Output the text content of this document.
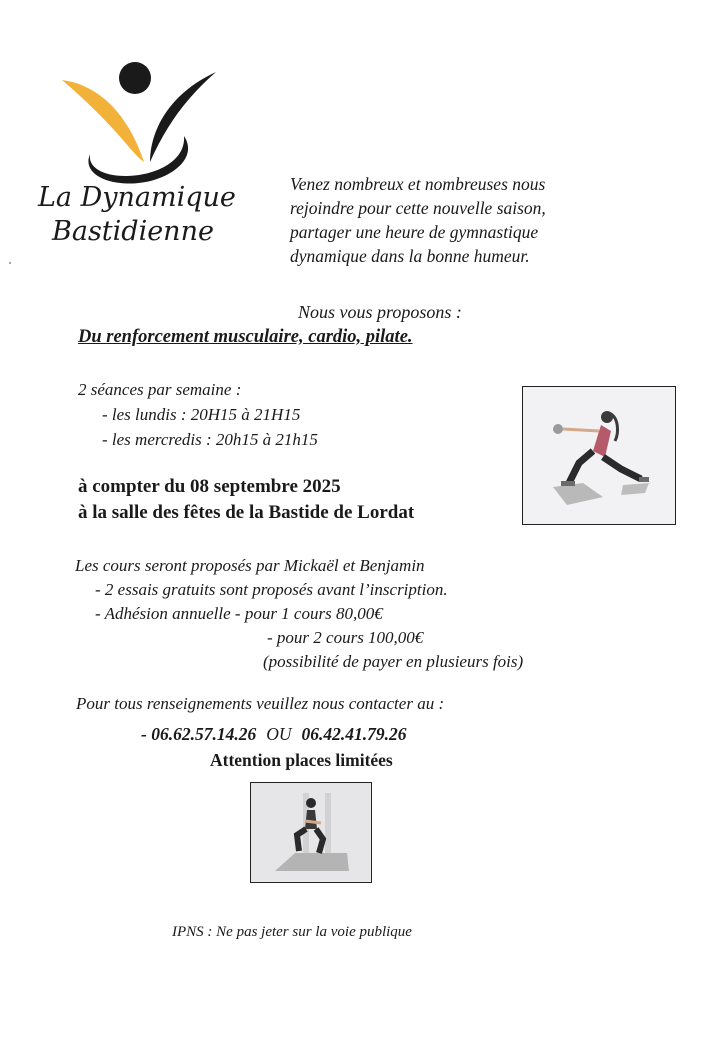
La Dynamique
Bastidienne
Venez nombreux et nombreuses nous
rejoindre pour cette nouvelle saison,
partager une heure de gymnastique
dynamique dans la bonne humeur.
Nous vous proposons :
Du renforcement musculaire, cardio, pilate.
2 séances par semaine :
- les lundis : 20H15 à 21H15
- les mercredis : 20h15 à 21h15
à compter du 08 septembre 2025
à la salle des fêtes de la Bastide de Lordat
Les cours seront proposés par Mickaël et Benjamin
- 2 essais gratuits sont proposés avant l’inscription.
- Adhésion annuelle - pour 1 cours 80,00€
- pour 2 cours 100,00€
(possibilité de payer en plusieurs fois)
Pour tous renseignements veuillez nous contacter au :
- 06.62.57.14.26 OU 06.42.41.79.26
Attention places limitées
IPNS : Ne pas jeter sur la voie publique
